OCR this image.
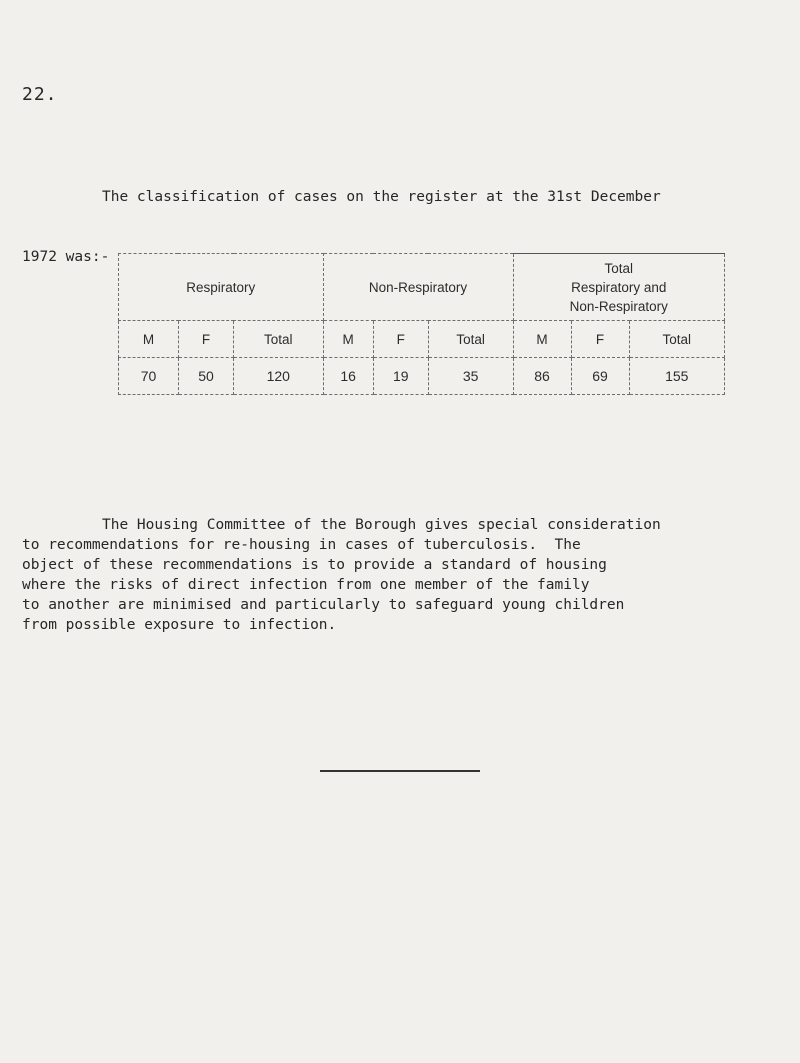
22.

The classification of cases on the register at the 31st December

1972 was:-

Respiratory			Non-Respiratory			Total
Respiratory and
Non-Respiratory		
M	F	Total	M	F	Total	M	F	Total
70	50	120	16	19	35	86	69	155
The Housing Committee of the Borough gives special consideration
to recommendations for re-housing in cases of tuberculosis.  The
object of these recommendations is to provide a standard of housing
where the risks of direct infection from one member of the family
to another are minimised and particularly to safeguard young children
from possible exposure to infection.
